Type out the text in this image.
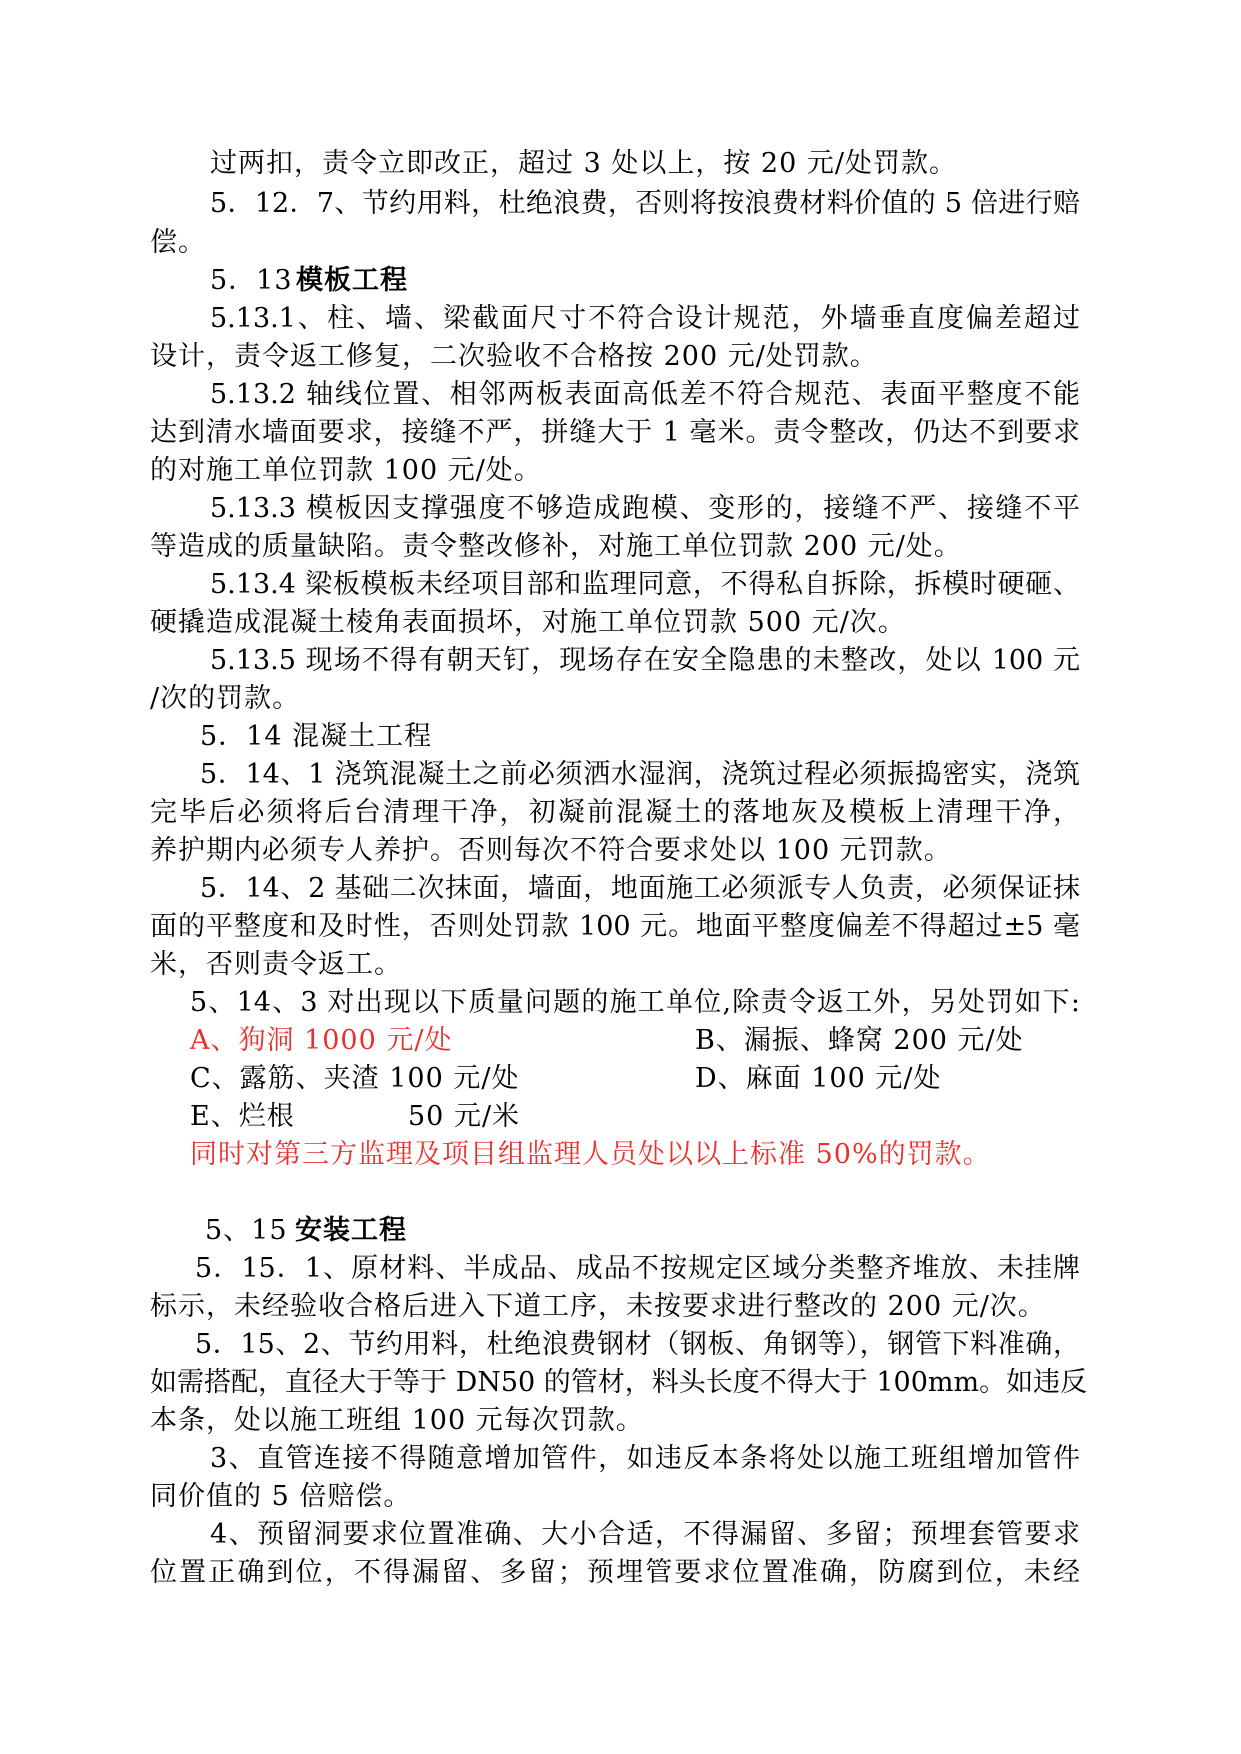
过两扣，责令立即改正，超过 3 处以上，按 20 元/处罚款。
5．12．7、节约用料，杜绝浪费，否则将按浪费材料价值的 5 倍进行赔
偿。
5．13 模板工程
5.13.1、柱、墙、梁截面尺寸不符合设计规范，外墙垂直度偏差超过
设计，责令返工修复，二次验收不合格按 200 元/处罚款。
5.13.2 轴线位置、相邻两板表面高低差不符合规范、表面平整度不能
达到清水墙面要求，接缝不严，拼缝大于 1 毫米。责令整改，仍达不到要求
的对施工单位罚款 100 元/处。
5.13.3 模板因支撑强度不够造成跑模、变形的，接缝不严、接缝不平
等造成的质量缺陷。责令整改修补，对施工单位罚款 200 元/处。
5.13.4 梁板模板未经项目部和监理同意，不得私自拆除，拆模时硬砸、
硬撬造成混凝土棱角表面损坏，对施工单位罚款 500 元/次。
5.13.5 现场不得有朝天钉，现场存在安全隐患的未整改，处以 100 元
/次的罚款。
5．14 混凝土工程
5．14、1 浇筑混凝土之前必须洒水湿润，浇筑过程必须振捣密实，浇筑
完毕后必须将后台清理干净，初凝前混凝土的落地灰及模板上清理干净，
养护期内必须专人养护。否则每次不符合要求处以 100 元罚款。
5．14、2 基础二次抹面，墙面，地面施工必须派专人负责，必须保证抹
面的平整度和及时性，否则处罚款 100 元。地面平整度偏差不得超过±5 毫
米，否则责令返工。
5、14、3 对出现以下质量问题的施工单位,除责令返工外，另处罚如下:
A、狗洞 1000 元/处	B、漏振、蜂窝 200 元/处
C、露筋、夹渣 100 元/处	D、麻面 100 元/处
E、烂根	50 元/米
同时对第三方监理及项目组监理人员处以以上标准 50%的罚款。
5、15 安装工程
5．15．1、原材料、半成品、成品不按规定区域分类整齐堆放、未挂牌
标示，未经验收合格后进入下道工序，未按要求进行整改的 200 元/次。
5．15、2、节约用料，杜绝浪费钢材（钢板、角钢等），钢管下料准确，
如需搭配，直径大于等于 DN50 的管材，料头长度不得大于 100mm。如违反
本条，处以施工班组 100 元每次罚款。
3、直管连接不得随意增加管件，如违反本条将处以施工班组增加管件
同价值的 5 倍赔偿。
4、预留洞要求位置准确、大小合适，不得漏留、多留；预埋套管要求
位置正确到位，不得漏留、多留；预埋管要求位置准确，防腐到位，未经
